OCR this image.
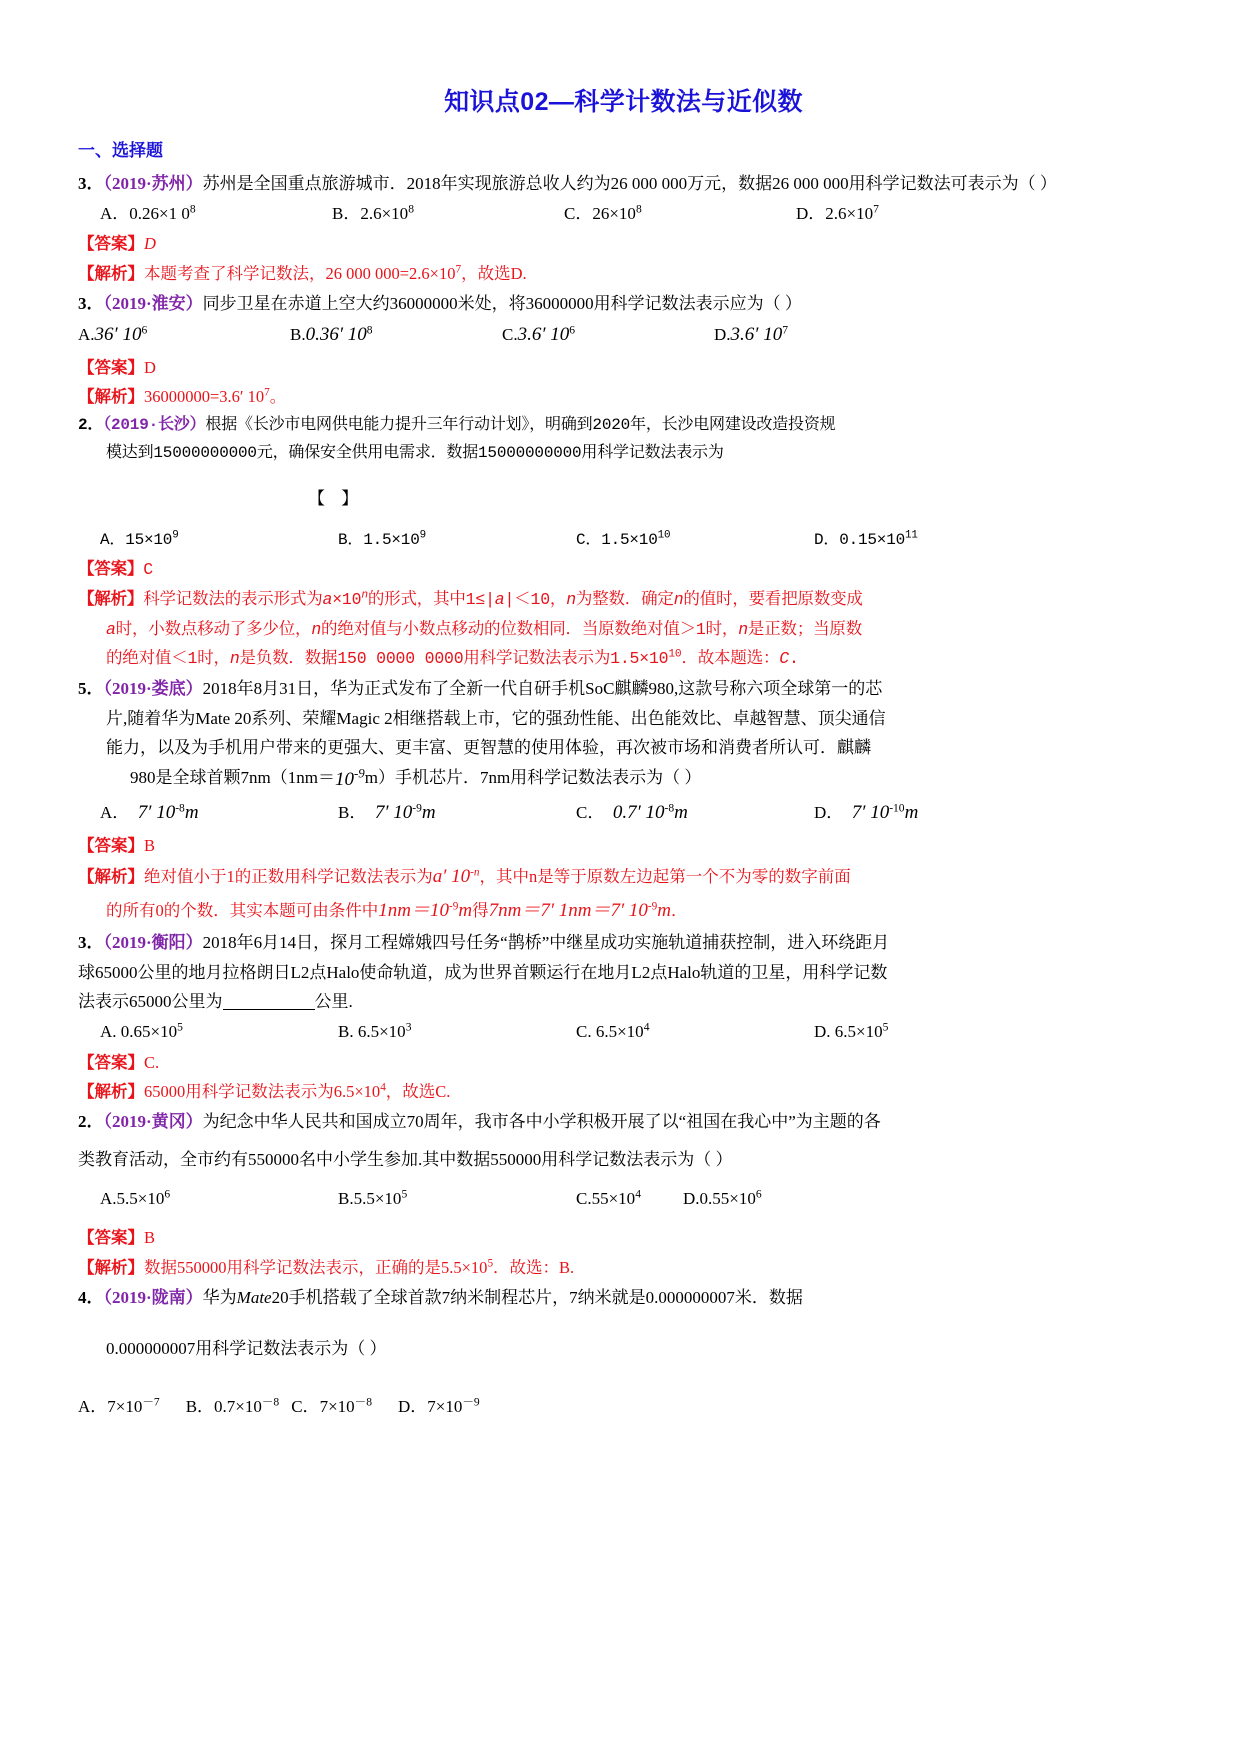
知识点02—科学计数法与近似数
一、选择题

3．（2019·苏州）苏州是全国重点旅游城市．2018年实现旅游总收人约为26 000 000万元，数据26 000 000用科学记数法可表示为（ ）

A．0.26×1 $0^8$	B．$2.6\times 10^8$	C．$26\times 10^8$	D．$2.6\times 10^7$

【答案】D

【解析】本题考查了科学记数法，26 000 $000=2.6\times 10^7$，故选D.

3．（2019·淮安）同步卫星在赤道上空大约36000000米处，将36000000用科学记数法表示应为（ ）

A.36′ $10^6$	B.0.36′ $10^8$	C.3.6′ $10^6$	D.3.6′ $10^7$

【答案】D

【解析】36000000=3.6′ $10^7$。

2．（2019·长沙）根据《长沙市电网供电能力提升三年行动计划》，明确到2020年，长沙电网建设改造投资规

模达到15000000000元，确保安全供用电需求．数据15000000000用科学记数法表示为

【 】

A．$15\times 10^9$	B．$1.5\times 10^9$	C．$1.5\times 10^{10}$	D．$0.15\times 10^{11}$

【答案】C

【解析】科学记数法的表示形式为$a\times 10^n$的形式，其中1≤|a|＜10，n为整数．确定n的值时，要看把原数变成

a时，小数点移动了多少位，n的绝对值与小数点移动的位数相同．当原数绝对值＞1时，n是正数；当原数

的绝对值＜1时，n是负数．数据150 0000 0000用科学记数法表示为$1.5\times 10^{10}$．故本题选：C.

5．（2019·娄底）2018年8月31日，华为正式发布了全新一代自研手机SoC麒麟980,这款号称六项全球第一的芯

片,随着华为Mate 20系列、荣耀Magic 2相继搭载上市，它的强劲性能、出色能效比、卓越智慧、顶尖通信

能力，以及为手机用户带来的更强大、更丰富、更智慧的使用体验，再次被市场和消费者所认可．麒麟

980是全球首颗$7nm(1nm=10^{-9}m)$手机芯片．7nm用科学记数法表示为（ ）

A． 7′ $10^{-8}m$	B． 7′ $10^{-9}m$	C． 0.7′ $10^{-8}m$	D． 7′ $10^{-10}m$

【答案】B

【解析】绝对值小于1的正数用科学记数法表示为a′ $10^{-n}$，其中n是等于原数左边起第一个不为零的数字前面

的所有0的个数．其实本题可由条件中$1nm=10^{-9}m$得7nm＝7′ 1nm＝7′ $10^{-9}m$．

3．（2019·衡阳）2018年6月14日，探月工程嫦娥四号任务“鹊桥”中继星成功实施轨道捕获控制，进入环绕距月

球65000公里的地月拉格朗日L2点Halo使命轨道，成为世界首颗运行在地月L2点Halo轨道的卫星，用科学记数

法表示65000公里为	公里.

A. $0.65\times 10^5$	B. $6.5\times 10^3$	C. $6.5\times 10^4$	D. $6.5\times 10^5$

【答案】C.

【解析】65000用科学记数法表示为$6.5\times 10^4$，故选C.

2．（2019·黄冈）为纪念中华人民共和国成立70周年，我市各中小学积极开展了以“祖国在我心中”为主题的各

类教育活动，全市约有550000名中小学生参加.其中数据550000用科学记数法表示为（ ）

$A.5.5\times 10^6$	$B.5.5\times 10^5$	$C.55\times 10^4$ $D.0.55\times 10^6$

【答案】B

【解析】数据550000用科学记数法表示，正确的是$5.5\times 10^5$．故选：B.

4．（2019·陇南）华为Mate20手机搭载了全球首款7纳米制程芯片，7纳米就是0.000000007米．数据

0.000000007用科学记数法表示为（ ）

A．$7\times 10^{-7}$ B．$0.7\times 10^{-8}$ C．$7\times 10^{-8}$ D．$7\times 10^{-9}$
